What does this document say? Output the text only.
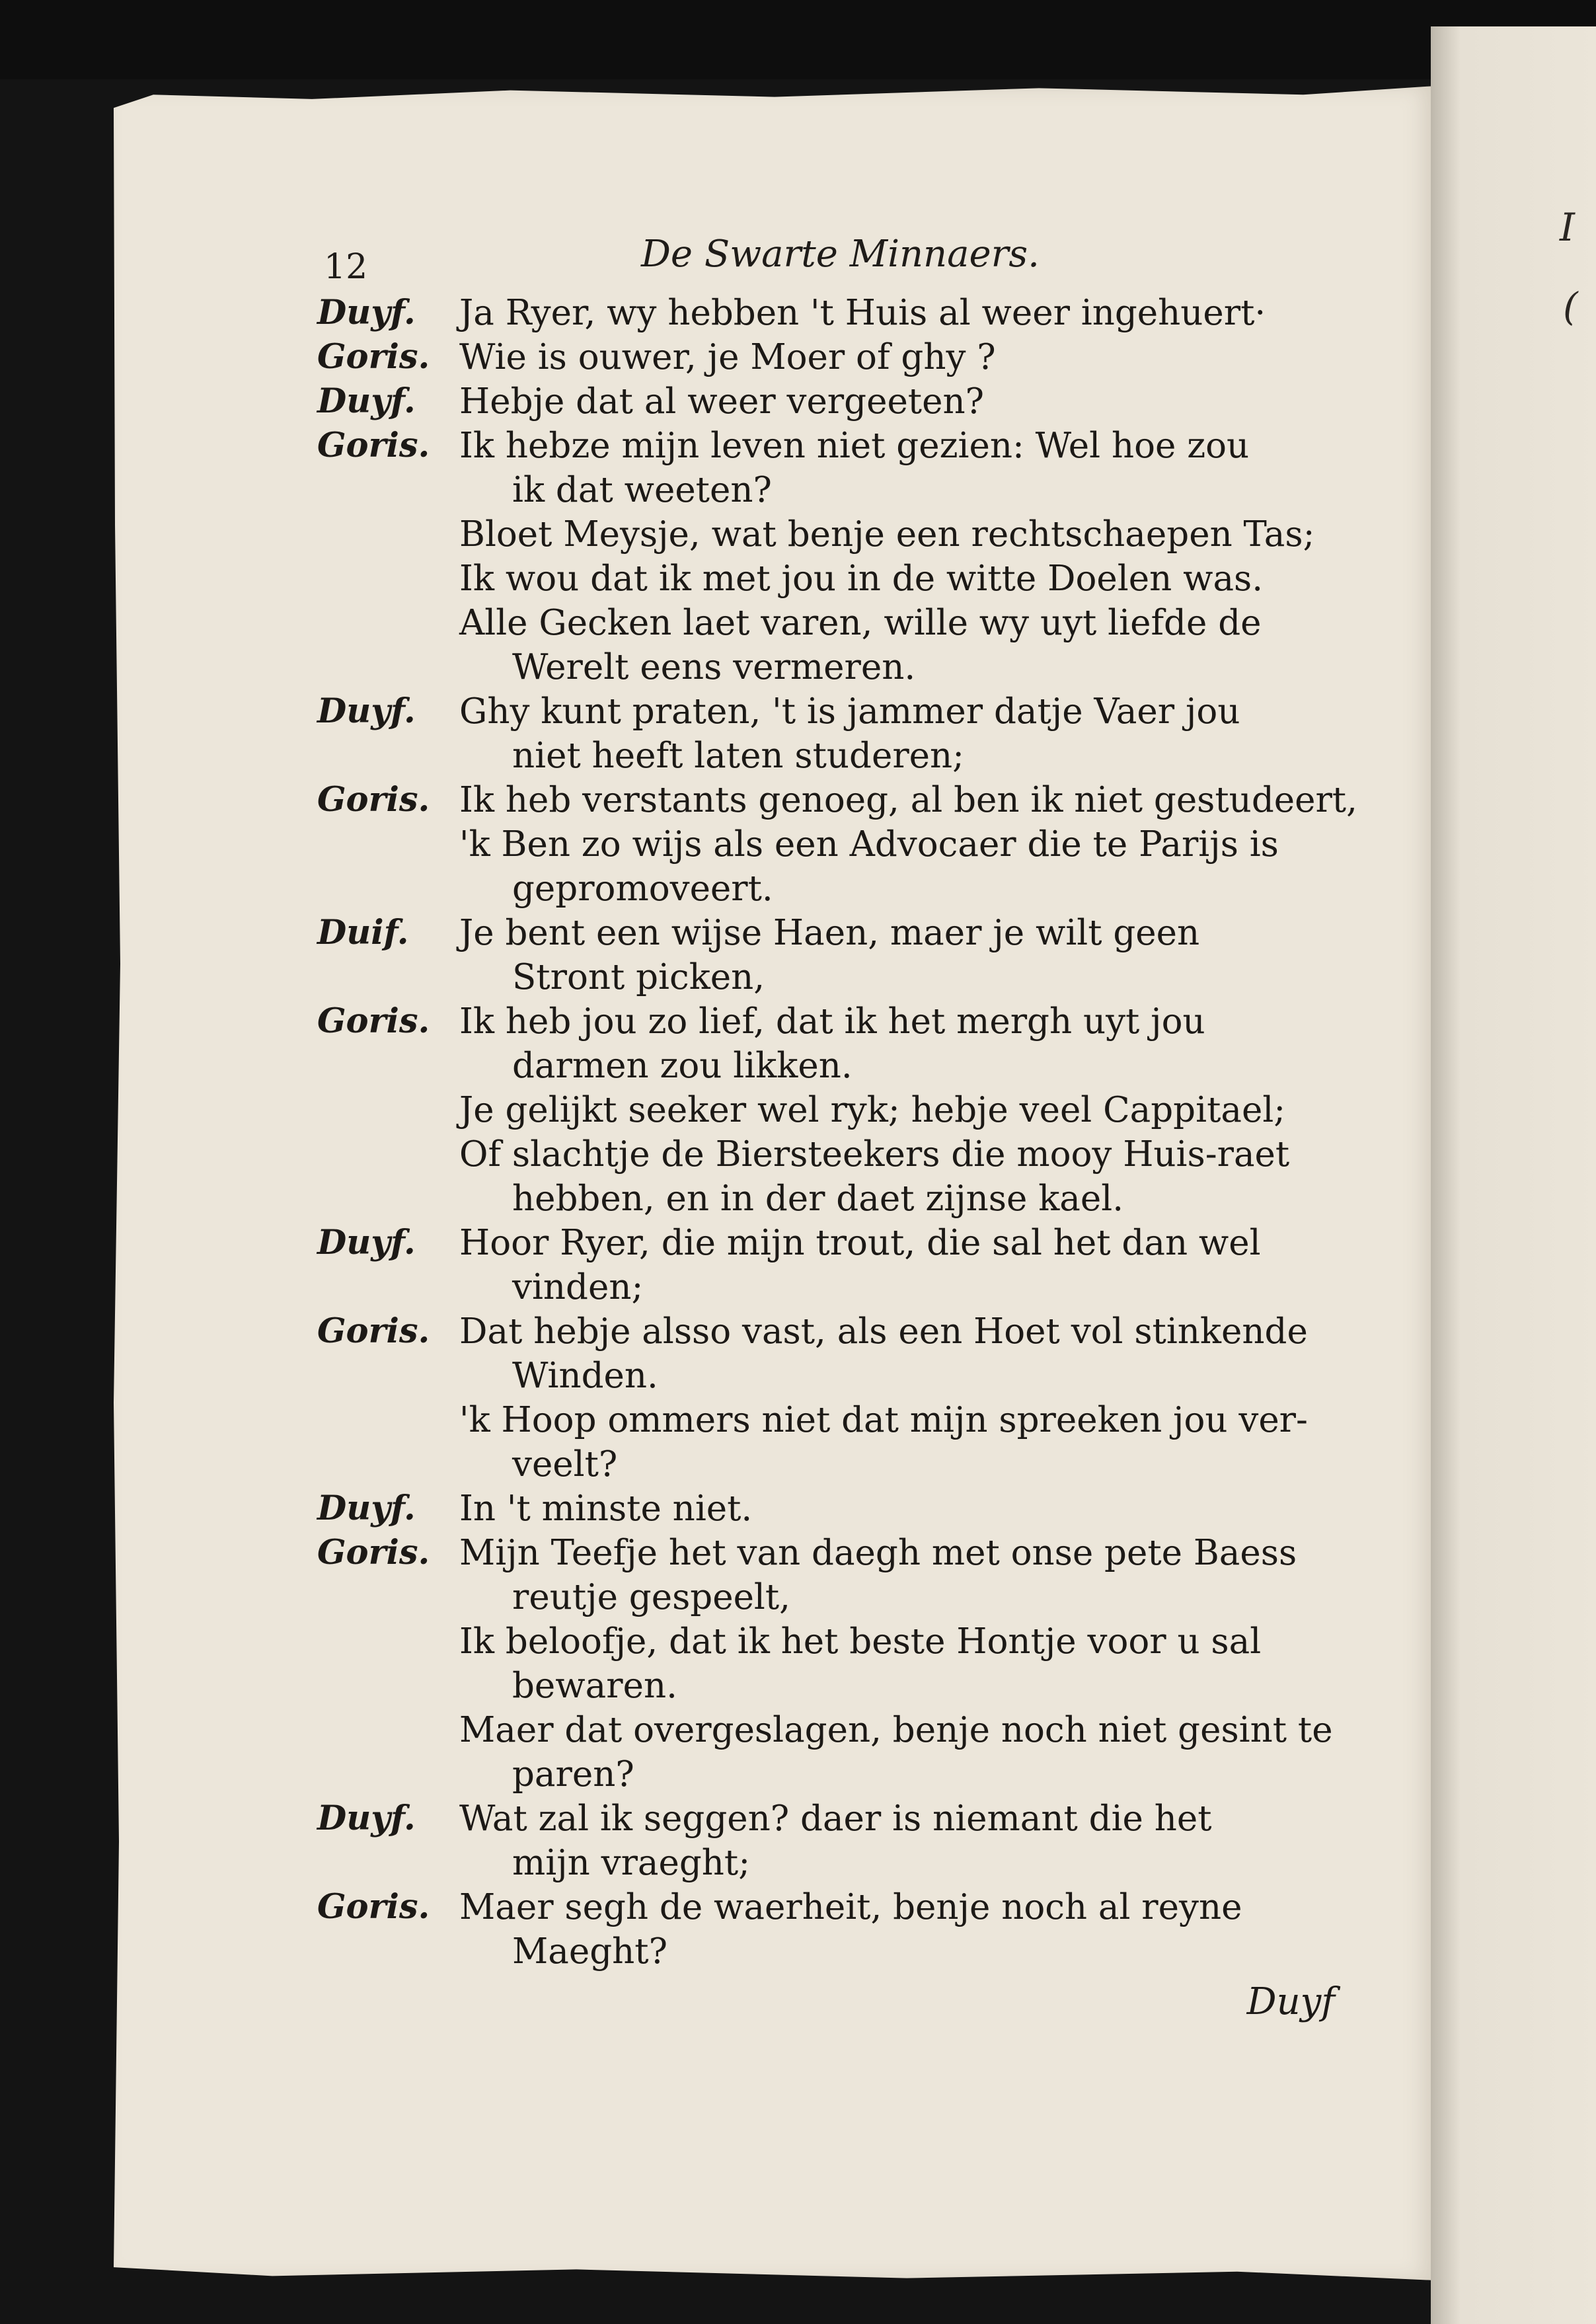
I
(
12	De Swarte Minnaers.
Duyf.	Ja Ryer, wy hebben 't Huis al weer ingehuert·
Goris. Wie is ouwer, je Moer of ghy ?
Duyf.	Hebje dat al weer vergeeten?
Goris. Ik hebze mijn leven niet gezien: Wel hoe zou
ik dat weeten?
Bloet Meysje, wat benje een rechtschaepen Tas;
Ik wou dat ik met jou in de witte Doelen was.
Alle Gecken laet varen, wille wy uyt liefde de
Werelt eens vermeren.
Duyf.	Ghy kunt praten, 't is jammer datje Vaer jou
niet heeft laten studeren;
Goris. Ik heb verstants genoeg, al ben ik niet gestudeert,
'k Ben zo wijs als een Advocaer die te Parijs is
gepromoveert.
Duif.	Je bent een wijse Haen, maer je wilt geen
Stront picken,
Goris. Ik heb jou zo lief, dat ik het mergh uyt jou
darmen zou likken.
Je gelijkt seeker wel ryk; hebje veel Cappitael;
Of slachtje de Biersteekers die mooy Huis-raet
hebben, en in der daet zijnse kael.
Duyf.	Hoor Ryer, die mijn trout, die sal het dan wel
vinden;
Goris. Dat hebje alsso vast, als een Hoet vol stinkende
Winden.
'k Hoop ommers niet dat mijn spreeken jou ver-
veelt?
Duyf.	In 't minste niet.
Goris. Mijn Teefje het van daegh met onse pete Baess
reutje gespeelt,
Ik beloofje, dat ik het beste Hontje voor u sal
bewaren.
Maer dat overgeslagen, benje noch niet gesint te
paren?
Duyf.	Wat zal ik seggen? daer is niemant die het
mijn vraeght;
Goris. Maer segh de waerheit, benje noch al reyne
Maeght?
Duyf
